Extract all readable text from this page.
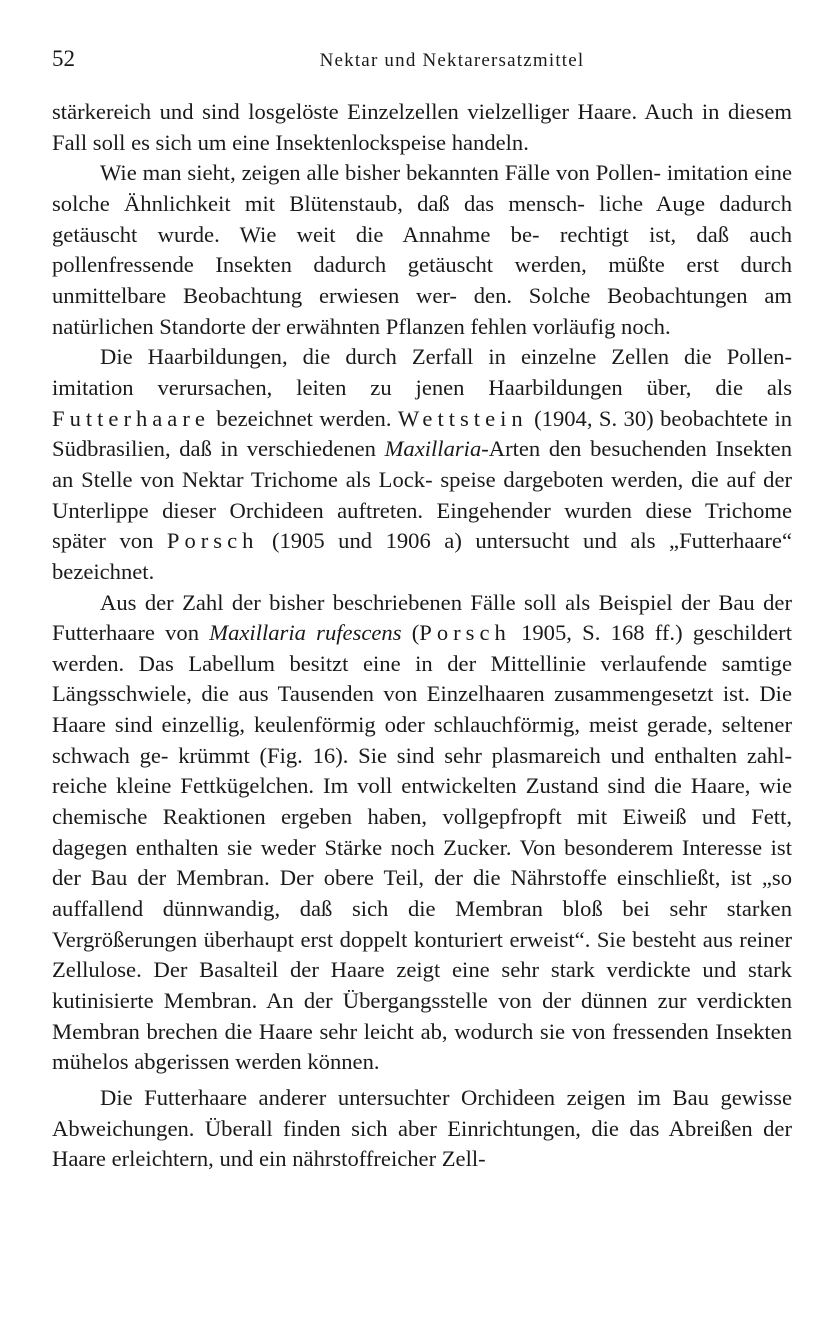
52	Nektar und Nektarersatzmittel

stärkereich und sind losgelöste Einzelzellen vielzelliger Haare. Auch in diesem Fall soll es sich um eine Insektenlockspeise handeln.

Wie man sieht, zeigen alle bisher bekannten Fälle von Pollen- imitation eine solche Ähnlichkeit mit Blütenstaub, daß das mensch- liche Auge dadurch getäuscht wurde. Wie weit die Annahme be- rechtigt ist, daß auch pollenfressende Insekten dadurch getäuscht werden, müßte erst durch unmittelbare Beobachtung erwiesen wer- den. Solche Beobachtungen am natürlichen Standorte der erwähnten Pflanzen fehlen vorläufig noch.

Die Haarbildungen, die durch Zerfall in einzelne Zellen die Pollen- imitation verursachen, leiten zu jenen Haarbildungen über, die als Futterhaare bezeichnet werden. Wettstein (1904, S. 30) beobachtete in Südbrasilien, daß in verschiedenen Maxillaria-Arten den besuchenden Insekten an Stelle von Nektar Trichome als Lock- speise dargeboten werden, die auf der Unterlippe dieser Orchideen auftreten. Eingehender wurden diese Trichome später von Porsch (1905 und 1906 a) untersucht und als „Futterhaare“ bezeichnet.

Aus der Zahl der bisher beschriebenen Fälle soll als Beispiel der Bau der Futterhaare von Maxillaria rufescens (Porsch 1905, S. 168 ff.) geschildert werden. Das Labellum besitzt eine in der Mittellinie verlaufende samtige Längsschwiele, die aus Tausenden von Einzelhaaren zusammengesetzt ist. Die Haare sind einzellig, keulenförmig oder schlauchförmig, meist gerade, seltener schwach ge- krümmt (Fig. 16). Sie sind sehr plasmareich und enthalten zahl- reiche kleine Fettkügelchen. Im voll entwickelten Zustand sind die Haare, wie chemische Reaktionen ergeben haben, vollgepfropft mit Eiweiß und Fett, dagegen enthalten sie weder Stärke noch Zucker. Von besonderem Interesse ist der Bau der Membran. Der obere Teil, der die Nährstoffe einschließt, ist „so auffallend dünnwandig, daß sich die Membran bloß bei sehr starken Vergrößerungen überhaupt erst doppelt konturiert erweist“. Sie besteht aus reiner Zellulose. Der Basalteil der Haare zeigt eine sehr stark verdickte und stark kutinisierte Membran. An der Übergangsstelle von der dünnen zur verdickten Membran brechen die Haare sehr leicht ab, wodurch sie von fressenden Insekten mühelos abgerissen werden können.

Die Futterhaare anderer untersuchter Orchideen zeigen im Bau gewisse Abweichungen. Überall finden sich aber Einrichtungen, die das Abreißen der Haare erleichtern, und ein nährstoffreicher Zell-
